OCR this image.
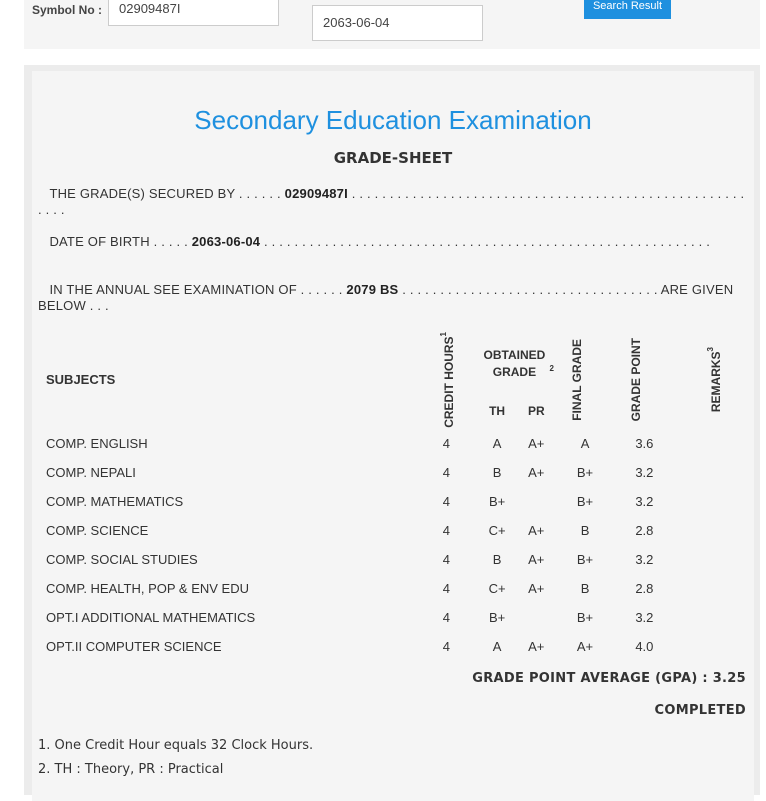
Symbol No :	02909487I
2063-06-04
Search Result
Secondary Education Examination
GRADE-SHEET
THE GRADE(S) SECURED BY . . . . . . 02909487I . . . . . . . . . . . . . . . . . . . . . . . . . . . . . . . . . . . . . . . . . . . . . . . . . . . . . . . .
DATE OF BIRTH . . . . . 2063-06-04 . . . . . . . . . . . . . . . . . . . . . . . . . . . . . . . . . . . . . . . . . . . . . . . . . . . . . . . . . . .
IN THE ANNUAL SEE EXAMINATION OF . . . . . . 2079 BS . . . . . . . . . . . . . . . . . . . . . . . . . . . . . . . . . . ARE GIVEN BELOW . . .
SUBJECTS	CREDIT HOURS$^1$	OBTAINED GRADE $^2$		FINAL GRADE	GRADE POINT	REMARKS$^3$

		TH	PR			
COMP. ENGLISH	4	A	A+	A	3.6	
COMP. NEPALI	4	B	A+	B+	3.2	
COMP. MATHEMATICS	4	B+		B+	3.2	
COMP. SCIENCE	4	C+	A+	B	2.8	
COMP. SOCIAL STUDIES	4	B	A+	B+	3.2	
COMP. HEALTH, POP & ENV EDU	4	C+	A+	B	2.8	
OPT.I ADDITIONAL MATHEMATICS	4	B+		B+	3.2	
OPT.II COMPUTER SCIENCE	4	A	A+	A+	4.0	
GRADE POINT AVERAGE (GPA) : 3.25
COMPLETED
1. One Credit Hour equals 32 Clock Hours.
2. TH : Theory, PR : Practical
